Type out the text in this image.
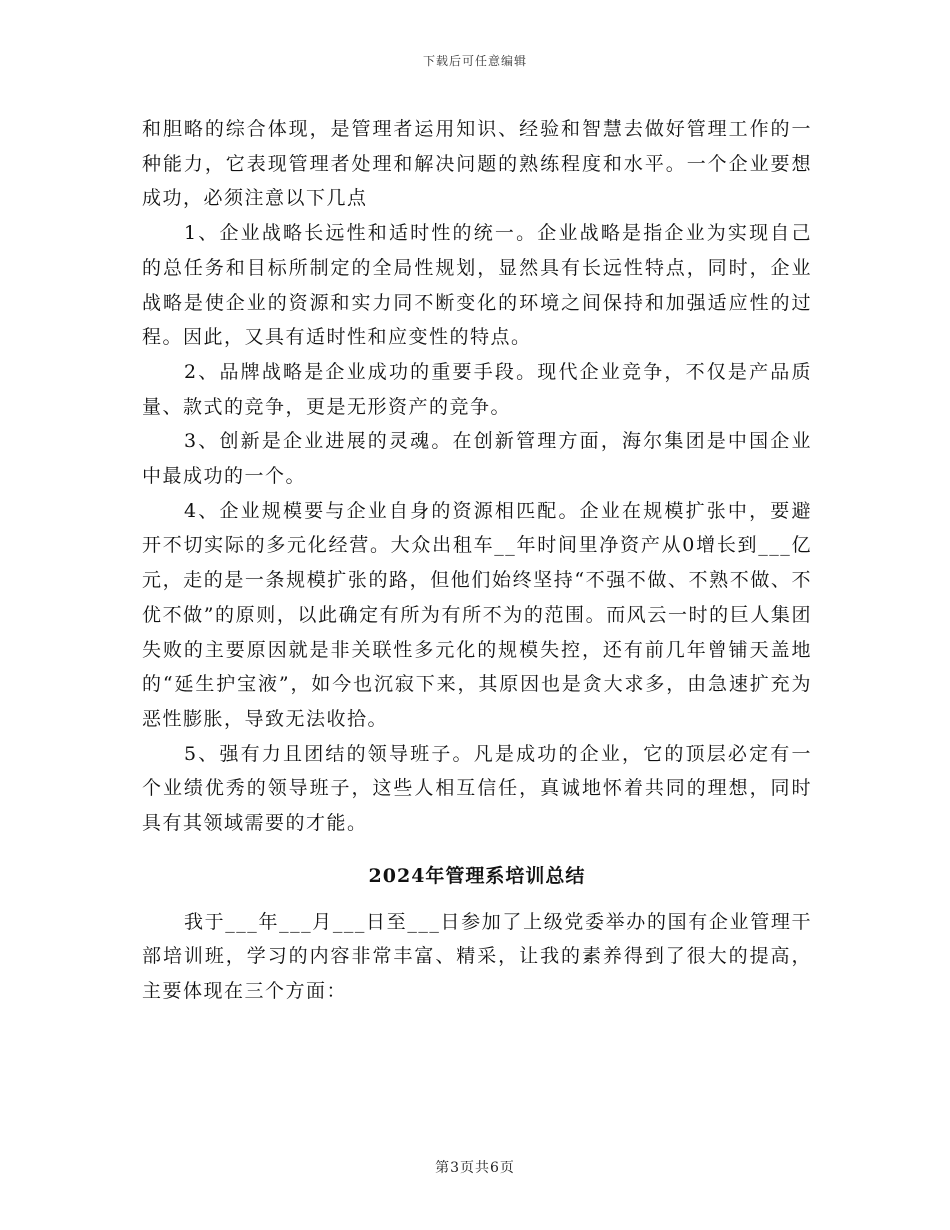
下载后可任意编辑

和胆略的综合体现，是管理者运用知识、经验和智慧去做好管理工作的一种能力，它表现管理者处理和解决问题的熟练程度和水平。一个企业要想成功，必须注意以下几点

1、企业战略长远性和适时性的统一。企业战略是指企业为实现自己的总任务和目标所制定的全局性规划，显然具有长远性特点，同时，企业战略是使企业的资源和实力同不断变化的环境之间保持和加强适应性的过程。因此，又具有适时性和应变性的特点。

2、品牌战略是企业成功的重要手段。现代企业竞争，不仅是产品质量、款式的竞争，更是无形资产的竞争。

3、创新是企业进展的灵魂。在创新管理方面，海尔集团是中国企业中最成功的一个。

4、企业规模要与企业自身的资源相匹配。企业在规模扩张中，要避开不切实际的多元化经营。大众出租车__年时间里净资产从0增长到___亿元，走的是一条规模扩张的路，但他们始终坚持“不强不做、不熟不做、不优不做”的原则，以此确定有所为有所不为的范围。而风云一时的巨人集团失败的主要原因就是非关联性多元化的规模失控，还有前几年曾铺天盖地的“延生护宝液”，如今也沉寂下来，其原因也是贪大求多，由急速扩充为恶性膨胀，导致无法收拾。

5、强有力且团结的领导班子。凡是成功的企业，它的顶层必定有一个业绩优秀的领导班子，这些人相互信任，真诚地怀着共同的理想，同时具有其领域需要的才能。

2024年管理系培训总结

我于___年___月___日至___日参加了上级党委举办的国有企业管理干部培训班，学习的内容非常丰富、精采，让我的素养得到了很大的提高，主要体现在三个方面：

第3页共6页
